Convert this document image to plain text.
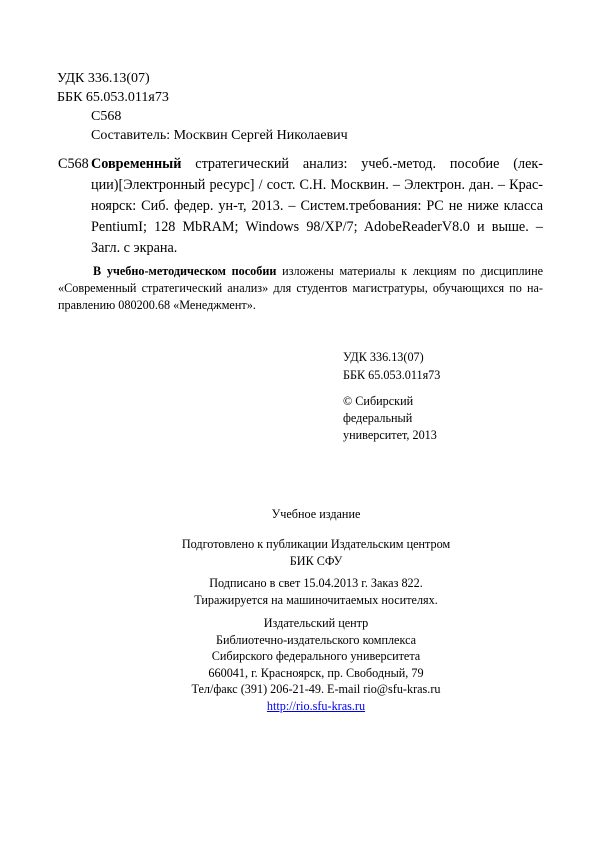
УДК 336.13(07)
ББК 65.053.011я73
С568
Составитель: Москвин Сергей Николаевич
С568 Современный стратегический анализ: учеб.-метод. пособие (лек-
ции)[Электронный ресурс] / сост. С.Н. Москвин. – Электрон. дан. – Крас-
ноярск: Сиб. федер. ун-т, 2013. – Систем.требования: PC не ниже класса
PentiumI; 128 MbRAM; Windows 98/XP/7; AdobeReaderV8.0 и выше. –
Загл. с экрана.
В учебно-методическом пособии изложены материалы к лекциям по дисциплине
«Современный стратегический анализ» для студентов магистратуры, обучающихся по на-
правлению 080200.68 «Менеджмент».
УДК 336.13(07)
ББК 65.053.011я73
© Сибирский
федеральный
университет, 2013
Учебное издание
Подготовлено к публикации Издательским центром
БИК СФУ
Подписано в свет 15.04.2013 г. Заказ 822.
Тиражируется на машиночитаемых носителях.
Издательский центр
Библиотечно-издательского комплекса
Сибирского федерального университета
660041, г. Красноярск, пр. Свободный, 79
Тел/факс (391) 206-21-49. E-mail rio@sfu-kras.ru
http://rio.sfu-kras.ru
